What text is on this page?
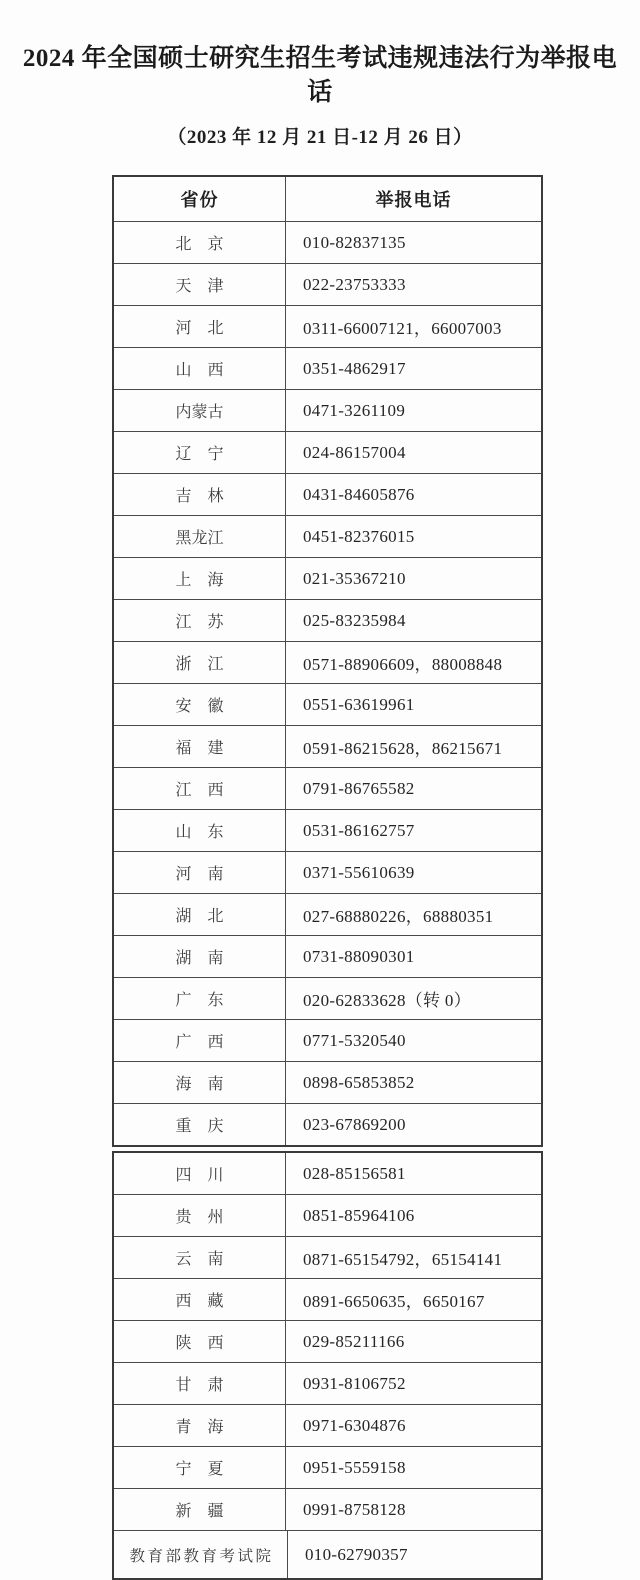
2024 年全国硕士研究生招生考试违规违法行为举报电话
（2023 年 12 月 21 日-12 月 26 日）
省份	举报电话
北　京	010-82837135
天　津	022-23753333
河　北	0311-66007121，66007003
山　西	0351-4862917
内蒙古	0471-3261109
辽　宁	024-86157004
吉　林	0431-84605876
黑龙江	0451-82376015
上　海	021-35367210
江　苏	025-83235984
浙　江	0571-88906609，88008848
安　徽	0551-63619961
福　建	0591-86215628，86215671
江　西	0791-86765582
山　东	0531-86162757
河　南	0371-55610639
湖　北	027-68880226，68880351
湖　南	0731-88090301
广　东	020-62833628（转 0）
广　西	0771-5320540
海　南	0898-65853852
重　庆	023-67869200
四　川	028-85156581
贵　州	0851-85964106
云　南	0871-65154792，65154141
西　藏	0891-6650635，6650167
陕　西	029-85211166
甘　肃	0931-8106752
青　海	0971-6304876
宁　夏	0951-5559158
新　疆	0991-8758128
教育部教育考试院	010-62790357
